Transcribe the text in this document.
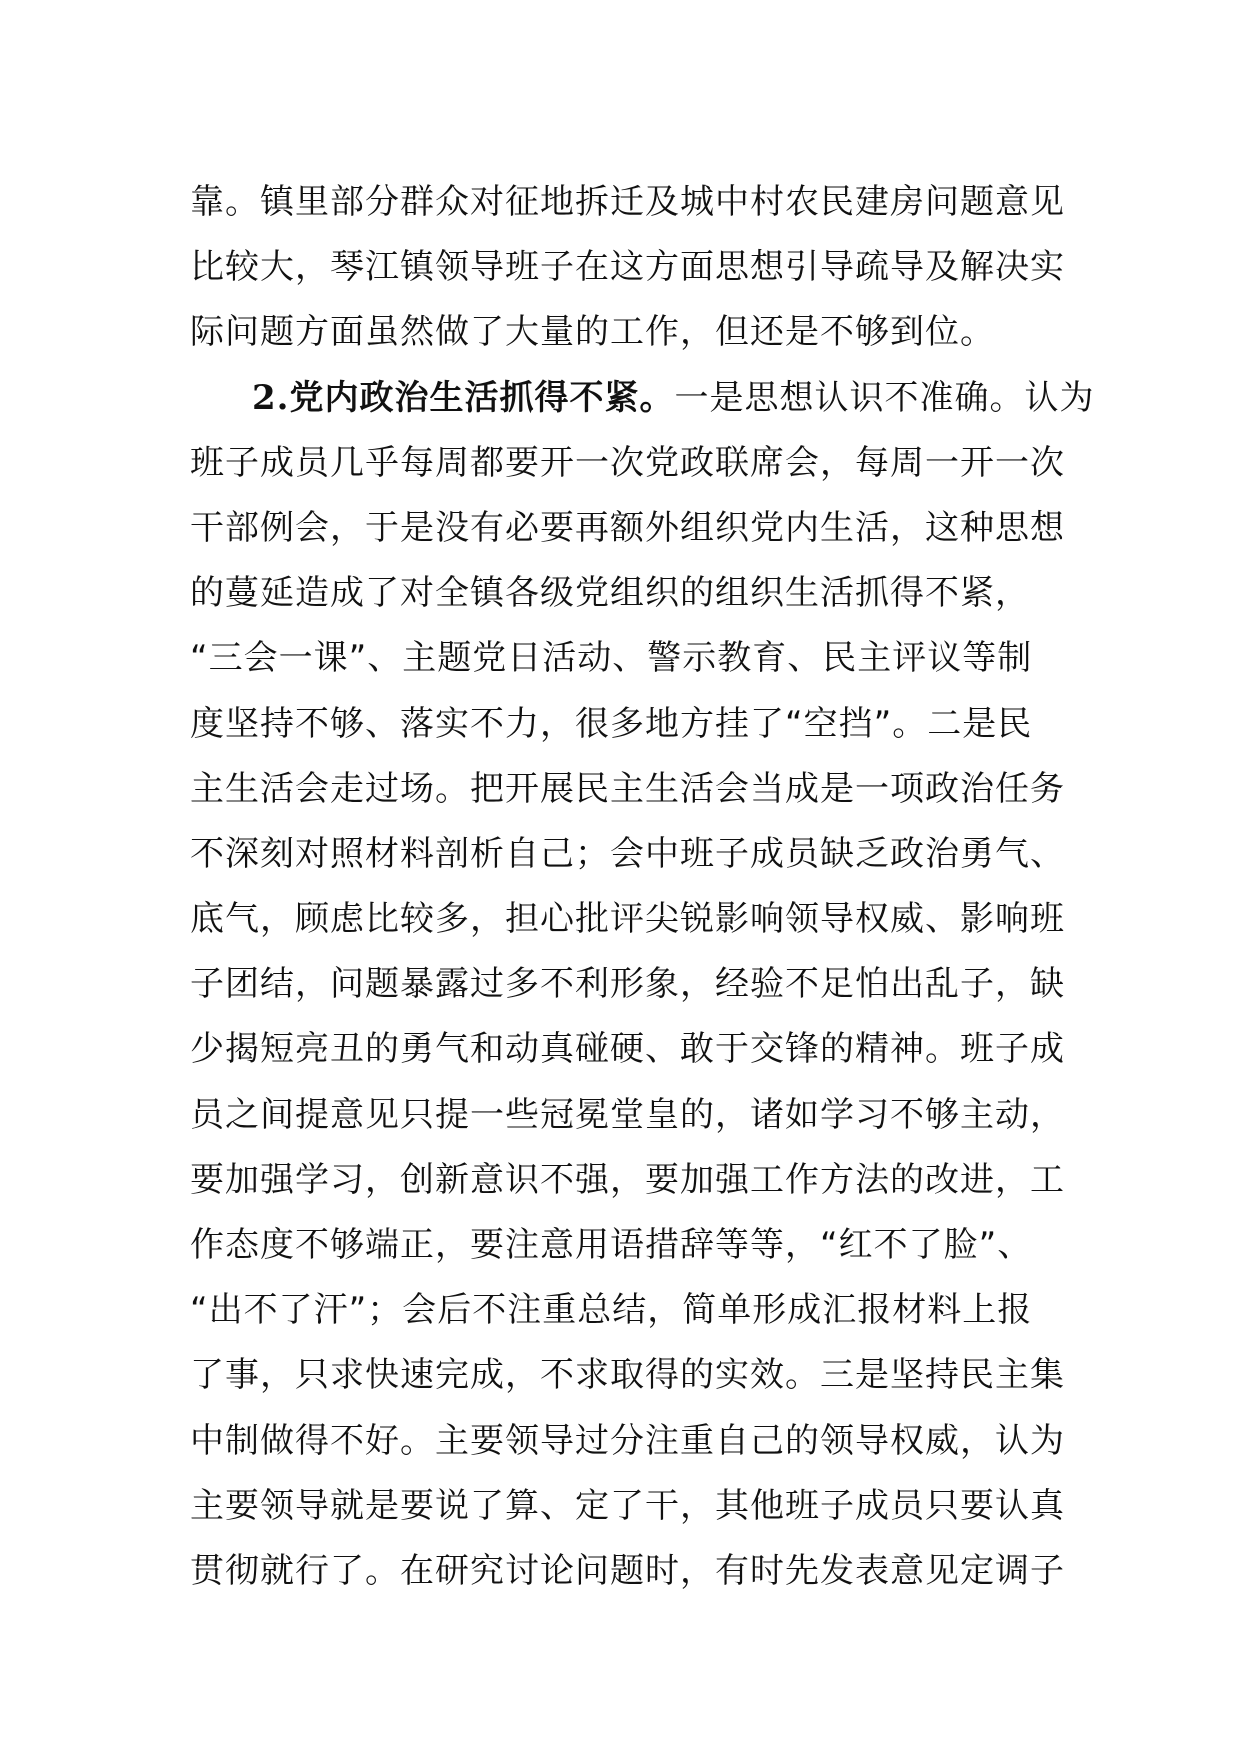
靠。镇里部分群众对征地拆迁及城中村农民建房问题意见
比较大，琴江镇领导班子在这方面思想引导疏导及解决实
际问题方面虽然做了大量的工作，但还是不够到位。
2.党内政治生活抓得不紧。一是思想认识不准确。认为
班子成员几乎每周都要开一次党政联席会，每周一开一次
干部例会，于是没有必要再额外组织党内生活，这种思想
的蔓延造成了对全镇各级党组织的组织生活抓得不紧，
“三会一课”、主题党日活动、警示教育、民主评议等制
度坚持不够、落实不力，很多地方挂了“空挡”。二是民
主生活会走过场。把开展民主生活会当成是一项政治任务
不深刻对照材料剖析自己；会中班子成员缺乏政治勇气、
底气，顾虑比较多，担心批评尖锐影响领导权威、影响班
子团结，问题暴露过多不利形象，经验不足怕出乱子，缺
少揭短亮丑的勇气和动真碰硬、敢于交锋的精神。班子成
员之间提意见只提一些冠冕堂皇的，诸如学习不够主动，
要加强学习，创新意识不强，要加强工作方法的改进，工
作态度不够端正，要注意用语措辞等等，“红不了脸”、
“出不了汗”；会后不注重总结，简单形成汇报材料上报
了事，只求快速完成，不求取得的实效。三是坚持民主集
中制做得不好。主要领导过分注重自己的领导权威，认为
主要领导就是要说了算、定了干，其他班子成员只要认真
贯彻就行了。在研究讨论问题时，有时先发表意见定调子
